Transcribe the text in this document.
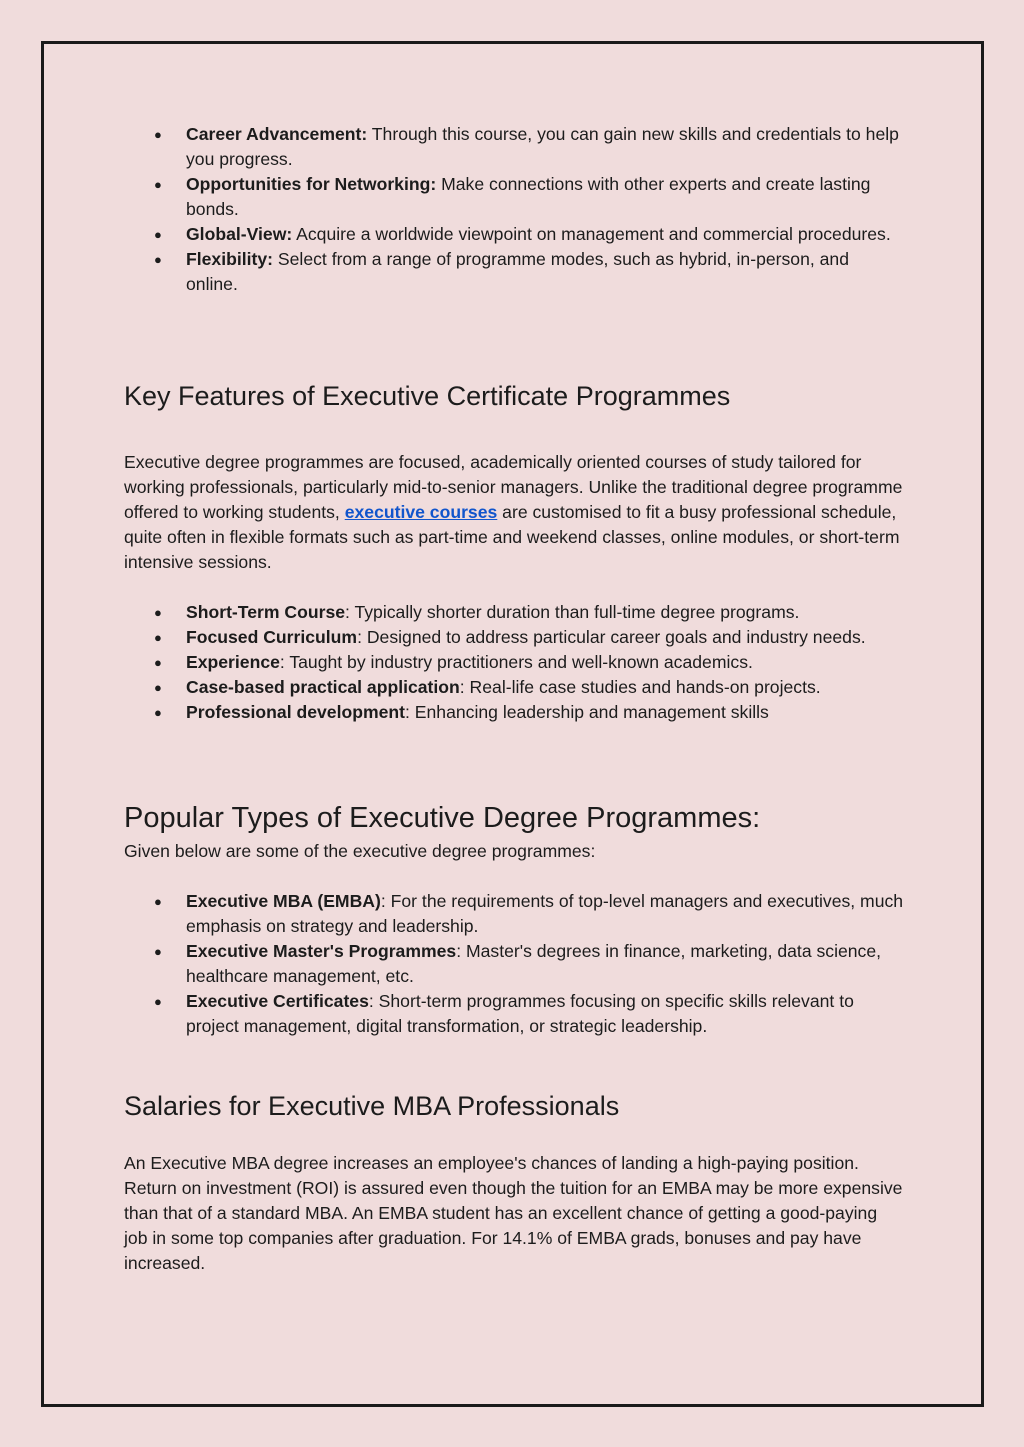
● Career Advancement: Through this course, you can gain new skills and credentials to help you progress.
● Opportunities for Networking: Make connections with other experts and create lasting bonds.
● Global-View: Acquire a worldwide viewpoint on management and commercial procedures.
● Flexibility: Select from a range of programme modes, such as hybrid, in-person, and online.
Key Features of Executive Certificate Programmes

Executive degree programmes are focused, academically oriented courses of study tailored for working professionals, particularly mid-to-senior managers. Unlike the traditional degree programme offered to working students, executive courses are customised to fit a busy professional schedule, quite often in flexible formats such as part-time and weekend classes, online modules, or short-term intensive sessions.

● Short-Term Course: Typically shorter duration than full-time degree programs.
● Focused Curriculum: Designed to address particular career goals and industry needs.
● Experience: Taught by industry practitioners and well-known academics.
● Case-based practical application: Real-life case studies and hands-on projects.
● Professional development: Enhancing leadership and management skills
Popular Types of Executive Degree Programmes:

Given below are some of the executive degree programmes:

● Executive MBA (EMBA): For the requirements of top-level managers and executives, much emphasis on strategy and leadership.
● Executive Master's Programmes: Master's degrees in finance, marketing, data science, healthcare management, etc.
● Executive Certificates: Short-term programmes focusing on specific skills relevant to project management, digital transformation, or strategic leadership.
Salaries for Executive MBA Professionals

An Executive MBA degree increases an employee's chances of landing a high-paying position. Return on investment (ROI) is assured even though the tuition for an EMBA may be more expensive than that of a standard MBA. An EMBA student has an excellent chance of getting a good-paying job in some top companies after graduation. For 14.1% of EMBA grads, bonuses and pay have increased.
